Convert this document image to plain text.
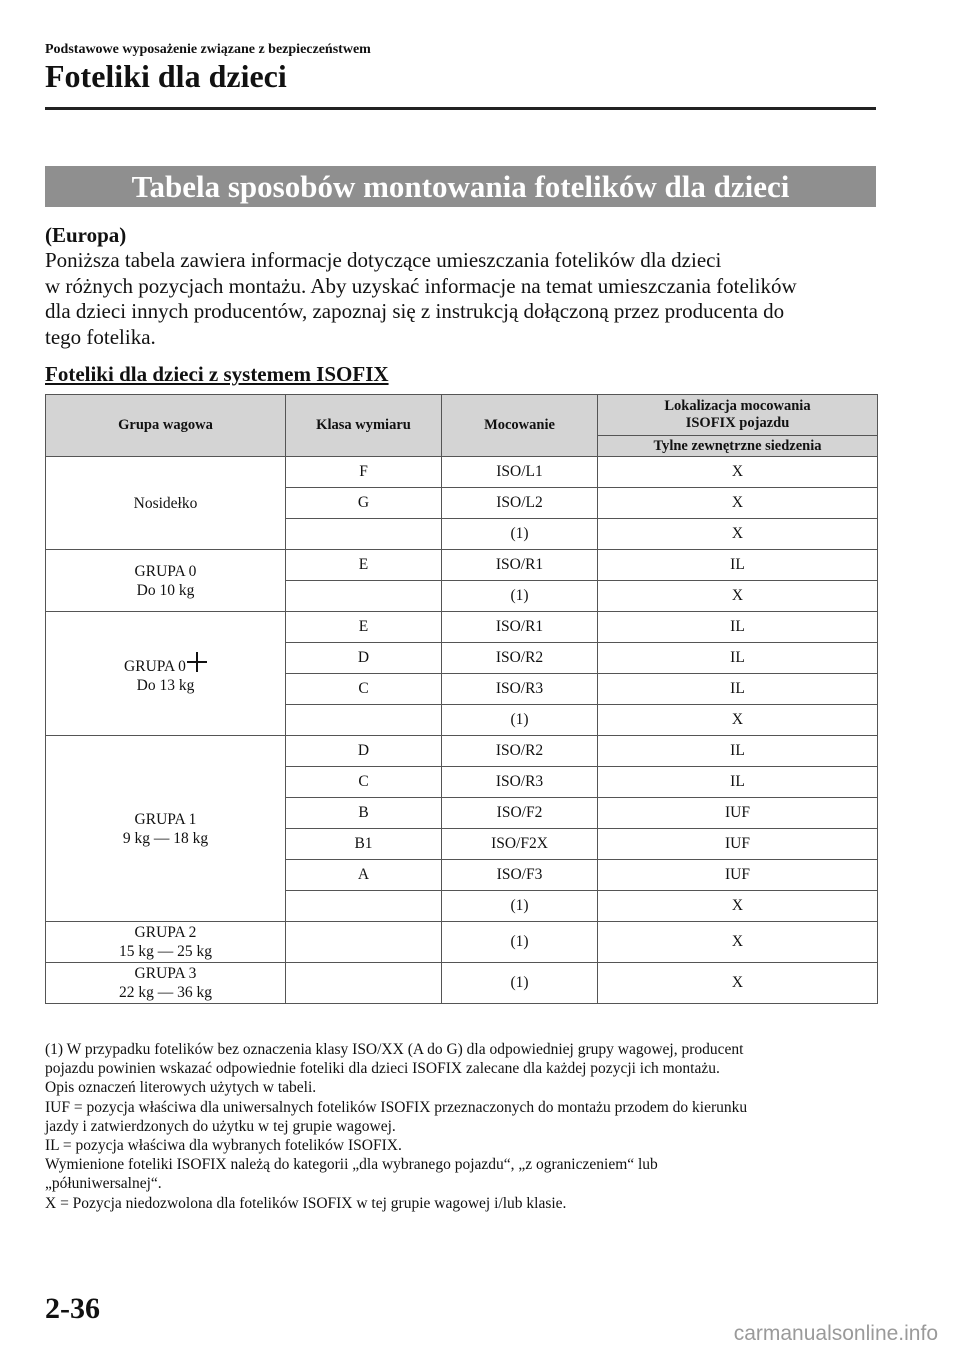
Podstawowe wyposażenie związane z bezpieczeństwem
Foteliki dla dzieci
Tabela sposobów montowania fotelików dla dzieci
(Europa)

Poniższa tabela zawiera informacje dotyczące umieszczania fotelików dla dzieci

w różnych pozycjach montażu. Aby uzyskać informacje na temat umieszczania fotelików

dla dzieci innych producentów, zapoznaj się z instrukcją dołączoną przez producenta do

tego fotelika.

Foteliki dla dzieci z systemem ISOFIX
Grupa wagowa	Klasa wymiaru	Mocowanie	Lokalizacja mocowania
ISOFIX pojazdu

			Tylne zewnętrzne siedzenia
Nosidełko	F	ISO/L1	X
	G	ISO/L2	X
		(1)	X

GRUPA 0
Do 10 kg	E	ISO/R1	IL
		(1)	X

GRUPA 0
Do 13 kg	E	ISO/R1	IL
	D	ISO/R2	IL
	C	ISO/R3	IL
		(1)	X

GRUPA 1
9 kg — 18 kg	D	ISO/R2	IL
	C	ISO/R3	IL
	B	ISO/F2	IUF
	B1	ISO/F2X	IUF
	A	ISO/F3	IUF
		(1)	X

GRUPA 2
15 kg — 25 kg		(1)	X

GRUPA 3
22 kg — 36 kg		(1)	X

(1) W przypadku fotelików bez oznaczenia klasy ISO/XX (A do G) dla odpowiedniej grupy wagowej, producent

pojazdu powinien wskazać odpowiednie foteliki dla dzieci ISOFIX zalecane dla każdej pozycji ich montażu.

Opis oznaczeń literowych użytych w tabeli.

IUF = pozycja właściwa dla uniwersalnych fotelików ISOFIX przeznaczonych do montażu przodem do kierunku

jazdy i zatwierdzonych do użytku w tej grupie wagowej.

IL = pozycja właściwa dla wybranych fotelików ISOFIX.

Wymienione foteliki ISOFIX należą do kategorii „dla wybranego pojazdu“, „z ograniczeniem“ lub

„półuniwersalnej“.

X = Pozycja niedozwolona dla fotelików ISOFIX w tej grupie wagowej i/lub klasie.

2-36
carmanualsonline.info
